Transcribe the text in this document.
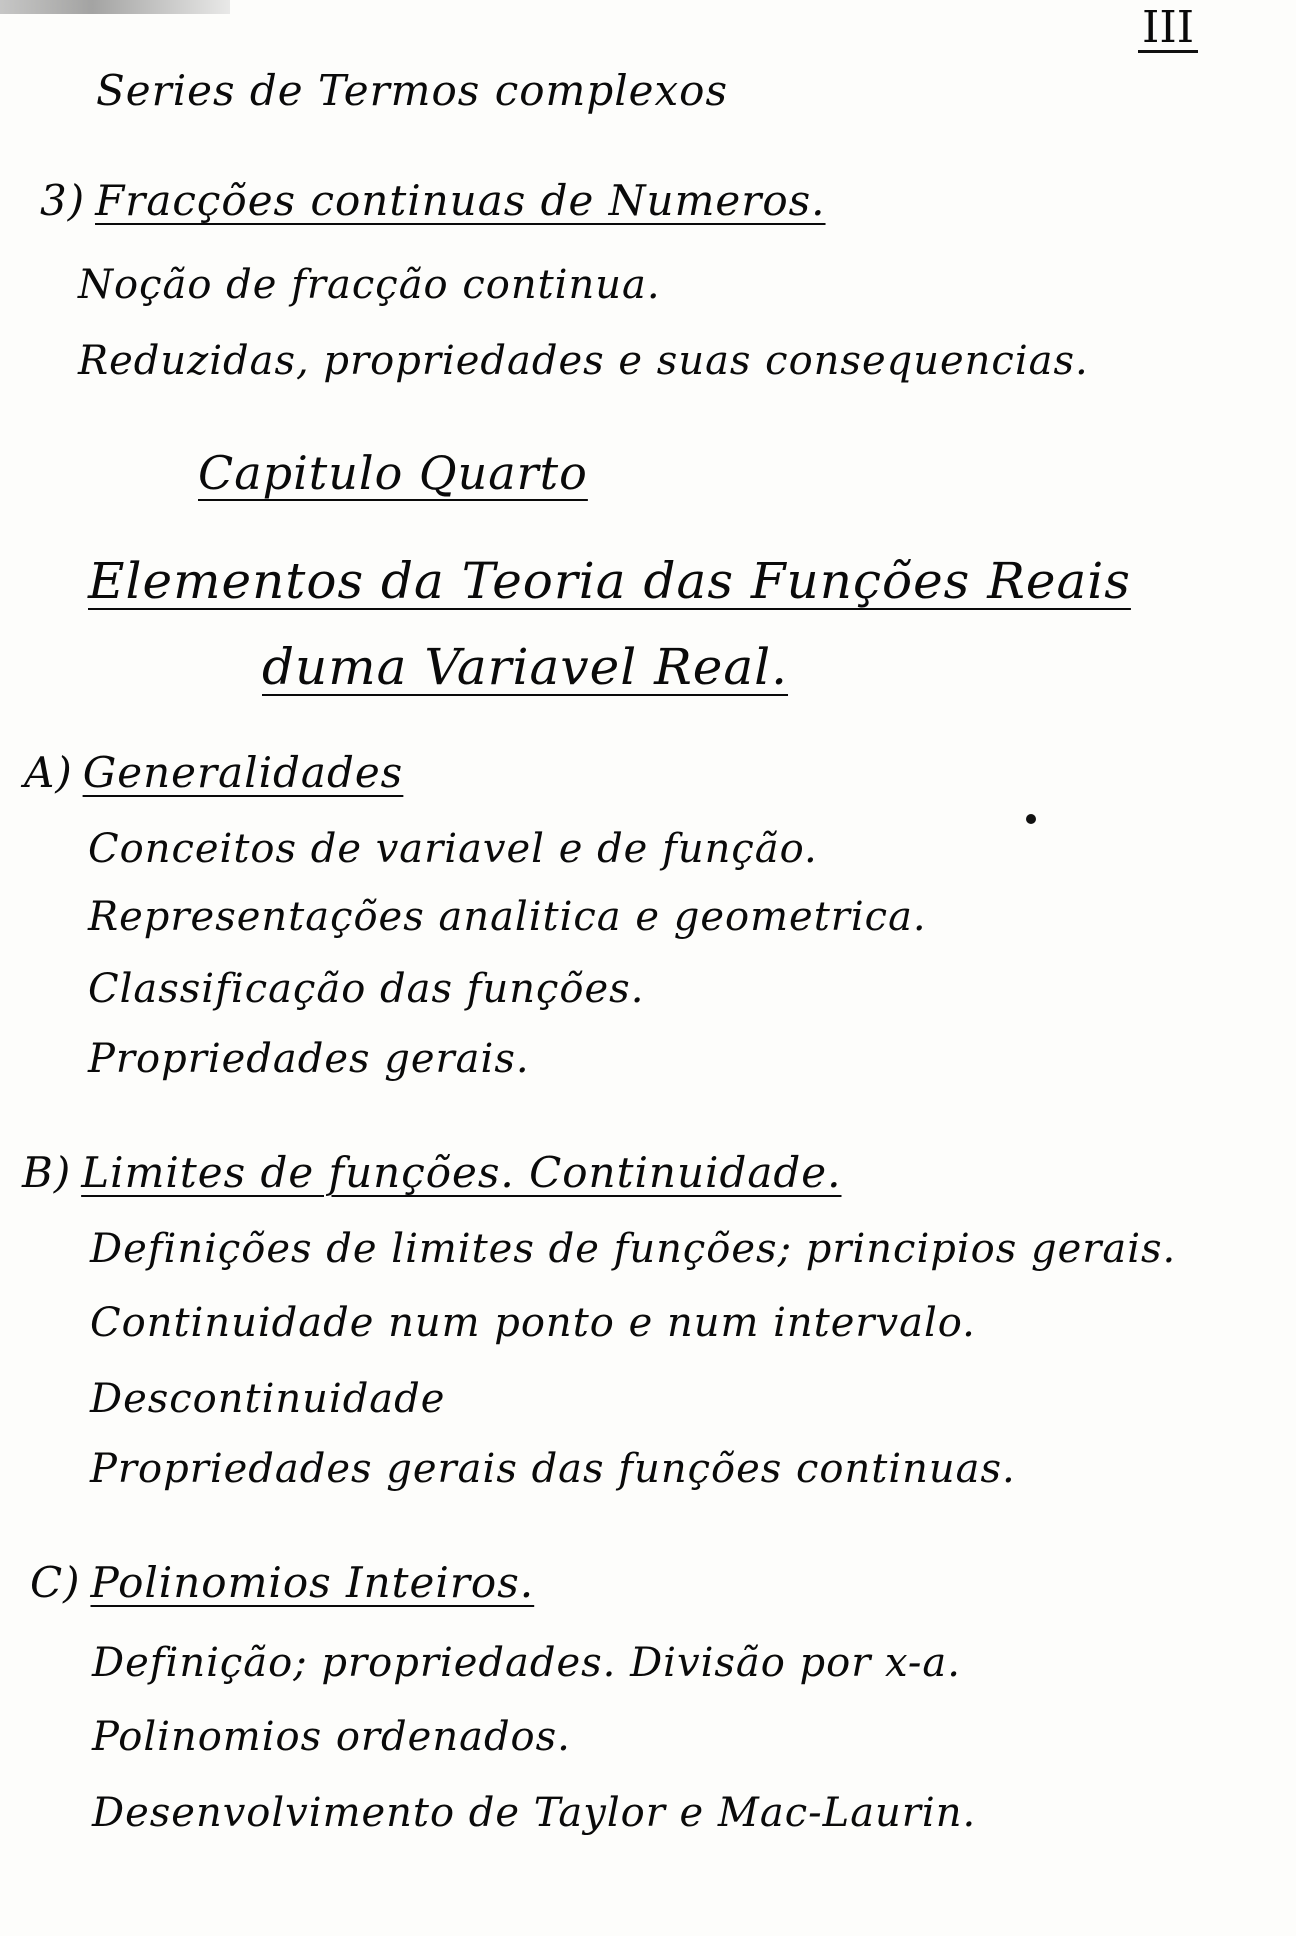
III
Series de Termos complexos
3) Fracções continuas de Numeros.
Noção de fracção continua.
Reduzidas, propriedades e suas consequencias.
Capitulo Quarto
Elementos da Teoria das Funções Reais
duma Variavel Real.
A) Generalidades
Conceitos de variavel e de função.
Representações analitica e geometrica.
Classificação das funções.
Propriedades gerais.
B) Limites de funções. Continuidade.
Definições de limites de funções; principios gerais.
Continuidade num ponto e num intervalo.
Descontinuidade
Propriedades gerais das funções continuas.
C) Polinomios Inteiros.
Definição; propriedades. Divisão por x-a.
Polinomios ordenados.
Desenvolvimento de Taylor e Mac-Laurin.
